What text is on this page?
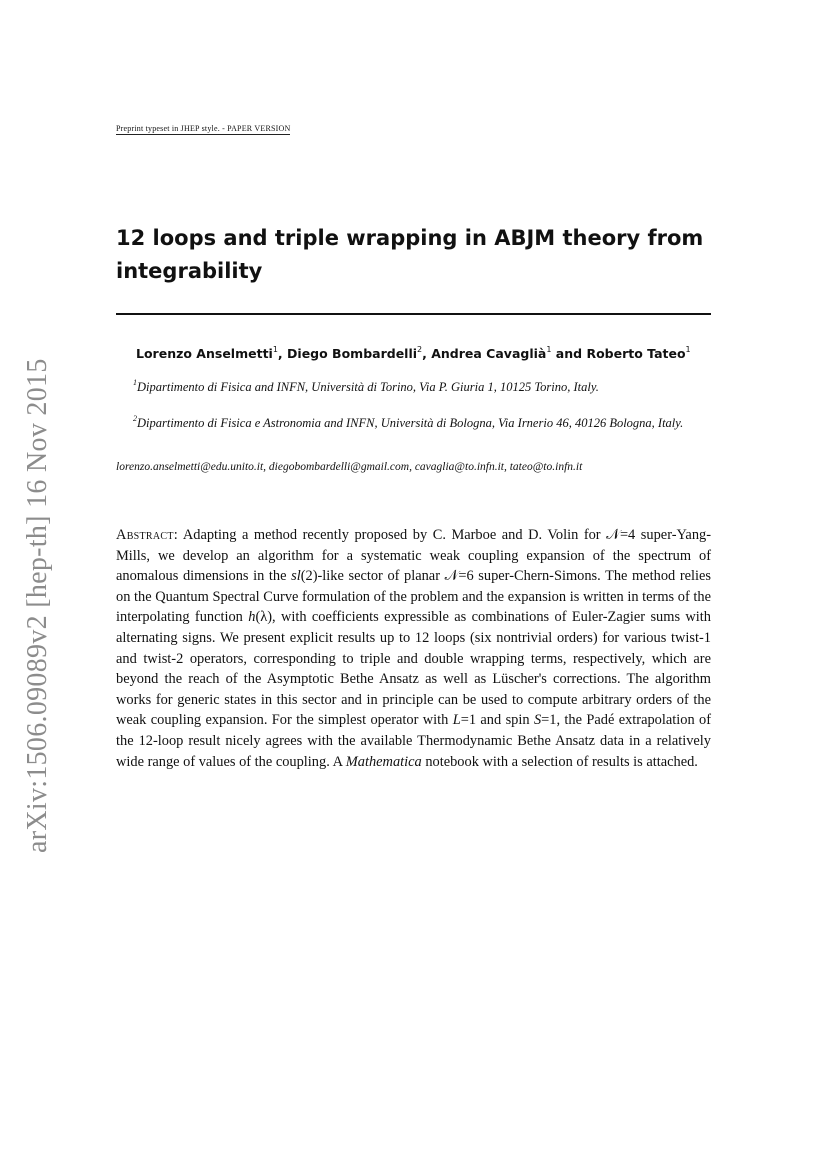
Preprint typeset in JHEP style. - PAPER VERSION
12 loops and triple wrapping in ABJM theory from integrability
Lorenzo Anselmetti$^1$, Diego Bombardelli$^2$, Andrea Cavaglià$^1$ and Roberto Tateo$^1$
$^1$Dipartimento di Fisica and INFN, Università di Torino, Via P. Giuria 1, 10125 Torino, Italy.
$^2$Dipartimento di Fisica e Astronomia and INFN, Università di Bologna, Via Irnerio 46, 40126 Bologna, Italy.
lorenzo.anselmetti@edu.unito.it, diegobombardelli@gmail.com, cavaglia@to.infn.it, tateo@to.infn.it
Abstract: Adapting a method recently proposed by C. Marboe and D. Volin for 𝒩=4 super-Yang-Mills, we develop an algorithm for a systematic weak coupling expansion of the spectrum of anomalous dimensions in the sl(2)-like sector of planar 𝒩=6 super-Chern-Simons. The method relies on the Quantum Spectral Curve formulation of the problem and the expansion is written in terms of the interpolating function h(λ), with coefficients expressible as combinations of Euler-Zagier sums with alternating signs. We present explicit results up to 12 loops (six nontrivial orders) for various twist-1 and twist-2 operators, corresponding to triple and double wrapping terms, respectively, which are beyond the reach of the Asymptotic Bethe Ansatz as well as Lüscher's corrections. The algorithm works for generic states in this sector and in principle can be used to compute arbitrary orders of the weak coupling expansion. For the simplest operator with L=1 and spin S=1, the Padé extrapolation of the 12-loop result nicely agrees with the available Thermodynamic Bethe Ansatz data in a relatively wide range of values of the coupling. A Mathematica notebook with a selection of results is attached.
arXiv:1506.09089v2 [hep-th] 16 Nov 2015
